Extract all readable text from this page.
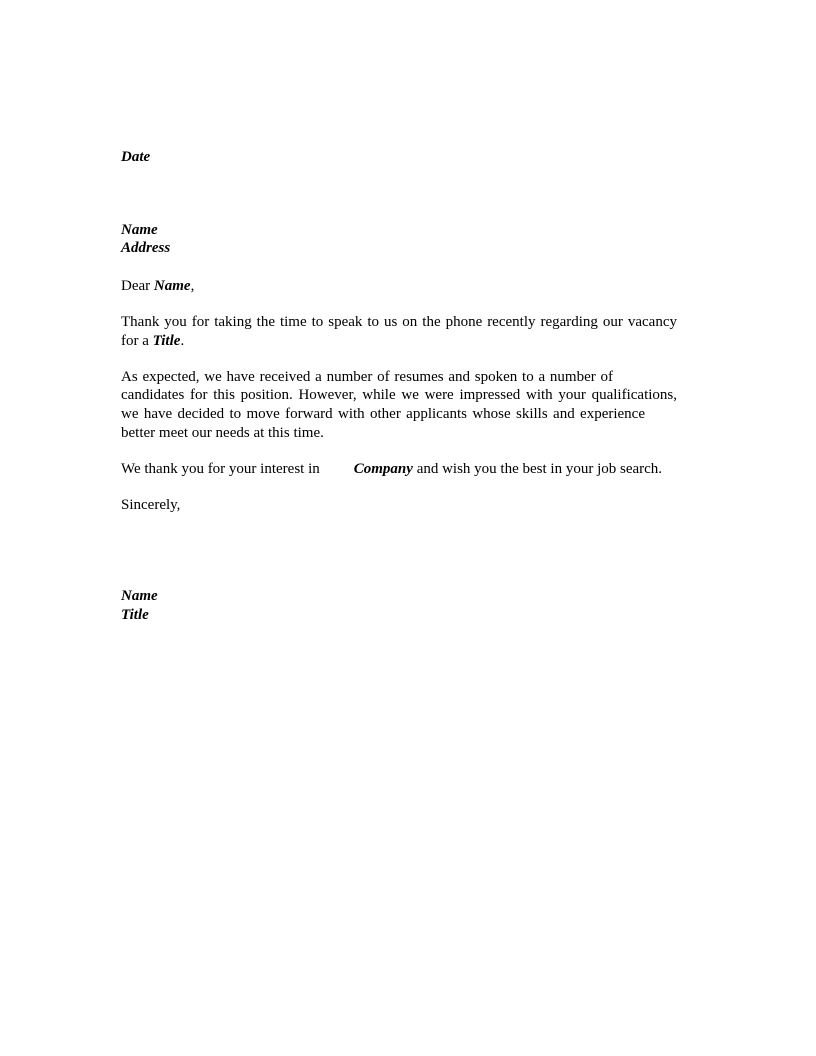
Date
Name
Address
Dear Name,
Thank you for taking the time to speak to us on the phone recently regarding our vacancy
for a Title.
As expected, we have received a number of resumes and spoken to a number of
candidates for this position. However, while we were impressed with your qualifications,
we have decided to move forward with other applicants whose skills and experience
better meet our needs at this time.
We thank you for your interest in Company and wish you the best in your job search.
Sincerely,
Name
Title
